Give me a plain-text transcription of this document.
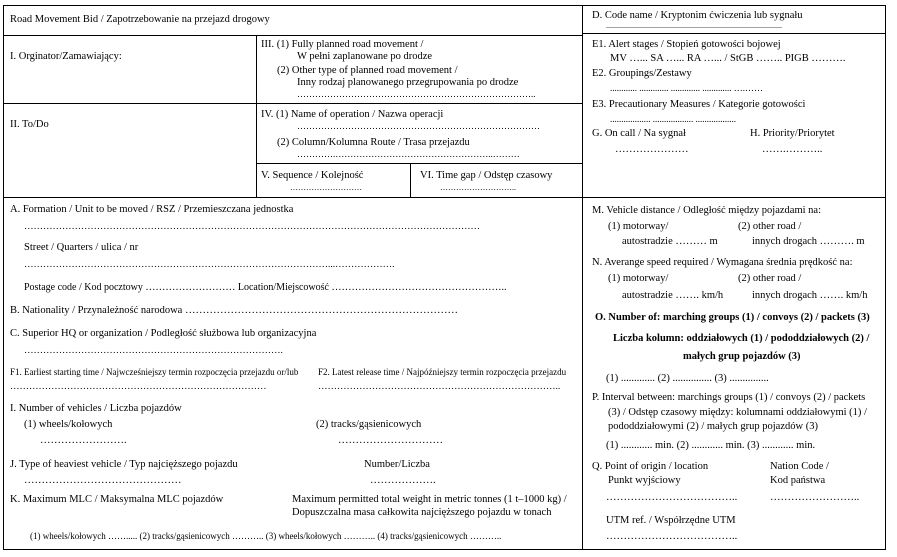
Road Movement Bid / Zapotrzebowanie na przejazd drogowy	D. Code name / Kryptonim ćwiczenia lub sygnału
........................................................................................
I. Orginator/Zamawiający:
II. To/Do
III. (1) Fully planned road movement /
W pełni zaplanowane po drodze
(2) Other type of planned road movement /
Inny rodzaj planowanego przegrupowania po drodze
……………………………………………………………………..
IV. (1) Name of operation / Nazwa operacji
………………………………………………………………………
(2) Column/Kolumna Route / Trasa przejazdu
………….……………………………………………..………
V. Sequence / Kolejność
………………………
VI. Time gap / Odstęp czasowy
………………………..
E1. Alert stages / Stopień gotowości bojowej
MV …... SA …... RA …... / StGB …….. PIGB ……….
E2. Groupings/Zestawy
............ ............. ............. ............. ….……
E3. Precautionary Measures / Kategorie gotowości
.................. .................. ..................
G. On call / Na sygnał	H. Priority/Priorytet
…………………	…….………..
A. Formation / Unit to be moved / RSZ / Przemieszczana jednostka
………………………………………………………………………………………………………………………………
Street / Quarters / ulica / nr
……………………………………………………………………………………...……………….
Postage code / Kod pocztowy ……………………… Location/Miejscowość ……………………………………………..
B. Nationality / Przynależność narodowa ……………………………………………………………………
C. Superior HQ or organization / Podległość służbowa lub organizacyjna
……………………………………………………………………….
F1. Earliest starting time / Najwcześniejszy termin rozpoczęcia przejazdu or/lub
………………………………………………………………………
F2. Latest release time / Najpóźniejszy termin rozpoczęcia przejazdu
…………………………………………………………………..
I. Number of vehicles / Liczba pojazdów
(1) wheels/kołowych	(2) tracks/gąsienicowych
…………………….	…………………………
J. Type of heaviest vehicle / Typ najcięższego pojazdu	Number/Liczba
………………………………………	……………….
K. Maximum MLC / Maksymalna MLC pojazdów	Maximum permitted total weight in metric tonnes (1 t–1000 kg) /
Dopuszczalna masa całkowita najcięższego pojazdu w tonach
(1) wheels/kołowych ……..... (2) tracks/gąsienicowych ……….. (3) wheels/kołowych ……….. (4) tracks/gąsienicowych ………..
M. Vehicle distance / Odległość między pojazdami na:
(1) motorway/	(2) other road /
autostradzie ……… m	innych drogach ………. m
N. Averange speed required / Wymagana średnia prędkość na:
(1) motorway/	(2) other road /
autostradzie ……. km/h	innych drogach ……. km/h
O. Number of: marching groups (1) / convoys (2) / packets (3)
Liczba kolumn: oddziałowych (1) / pododdziałowych (2) /
małych grup pojazdów (3)
(1) ............. (2) ............... (3) ...............
P. Interval between: marchings groups (1) / convoys (2) / packets
(3) / Odstęp czasowy między: kolumnami oddziałowymi (1) /
pododdziałowymi (2) / małych grup pojazdów (3)
(1) ............ min. (2) ............ min. (3) ............ min.
Q. Point of origin / location
Punkt wyjściowy
Nation Code /
Kod państwa
………………………………..	……………………..
UTM ref. / Współrzędne UTM
………………………………..
